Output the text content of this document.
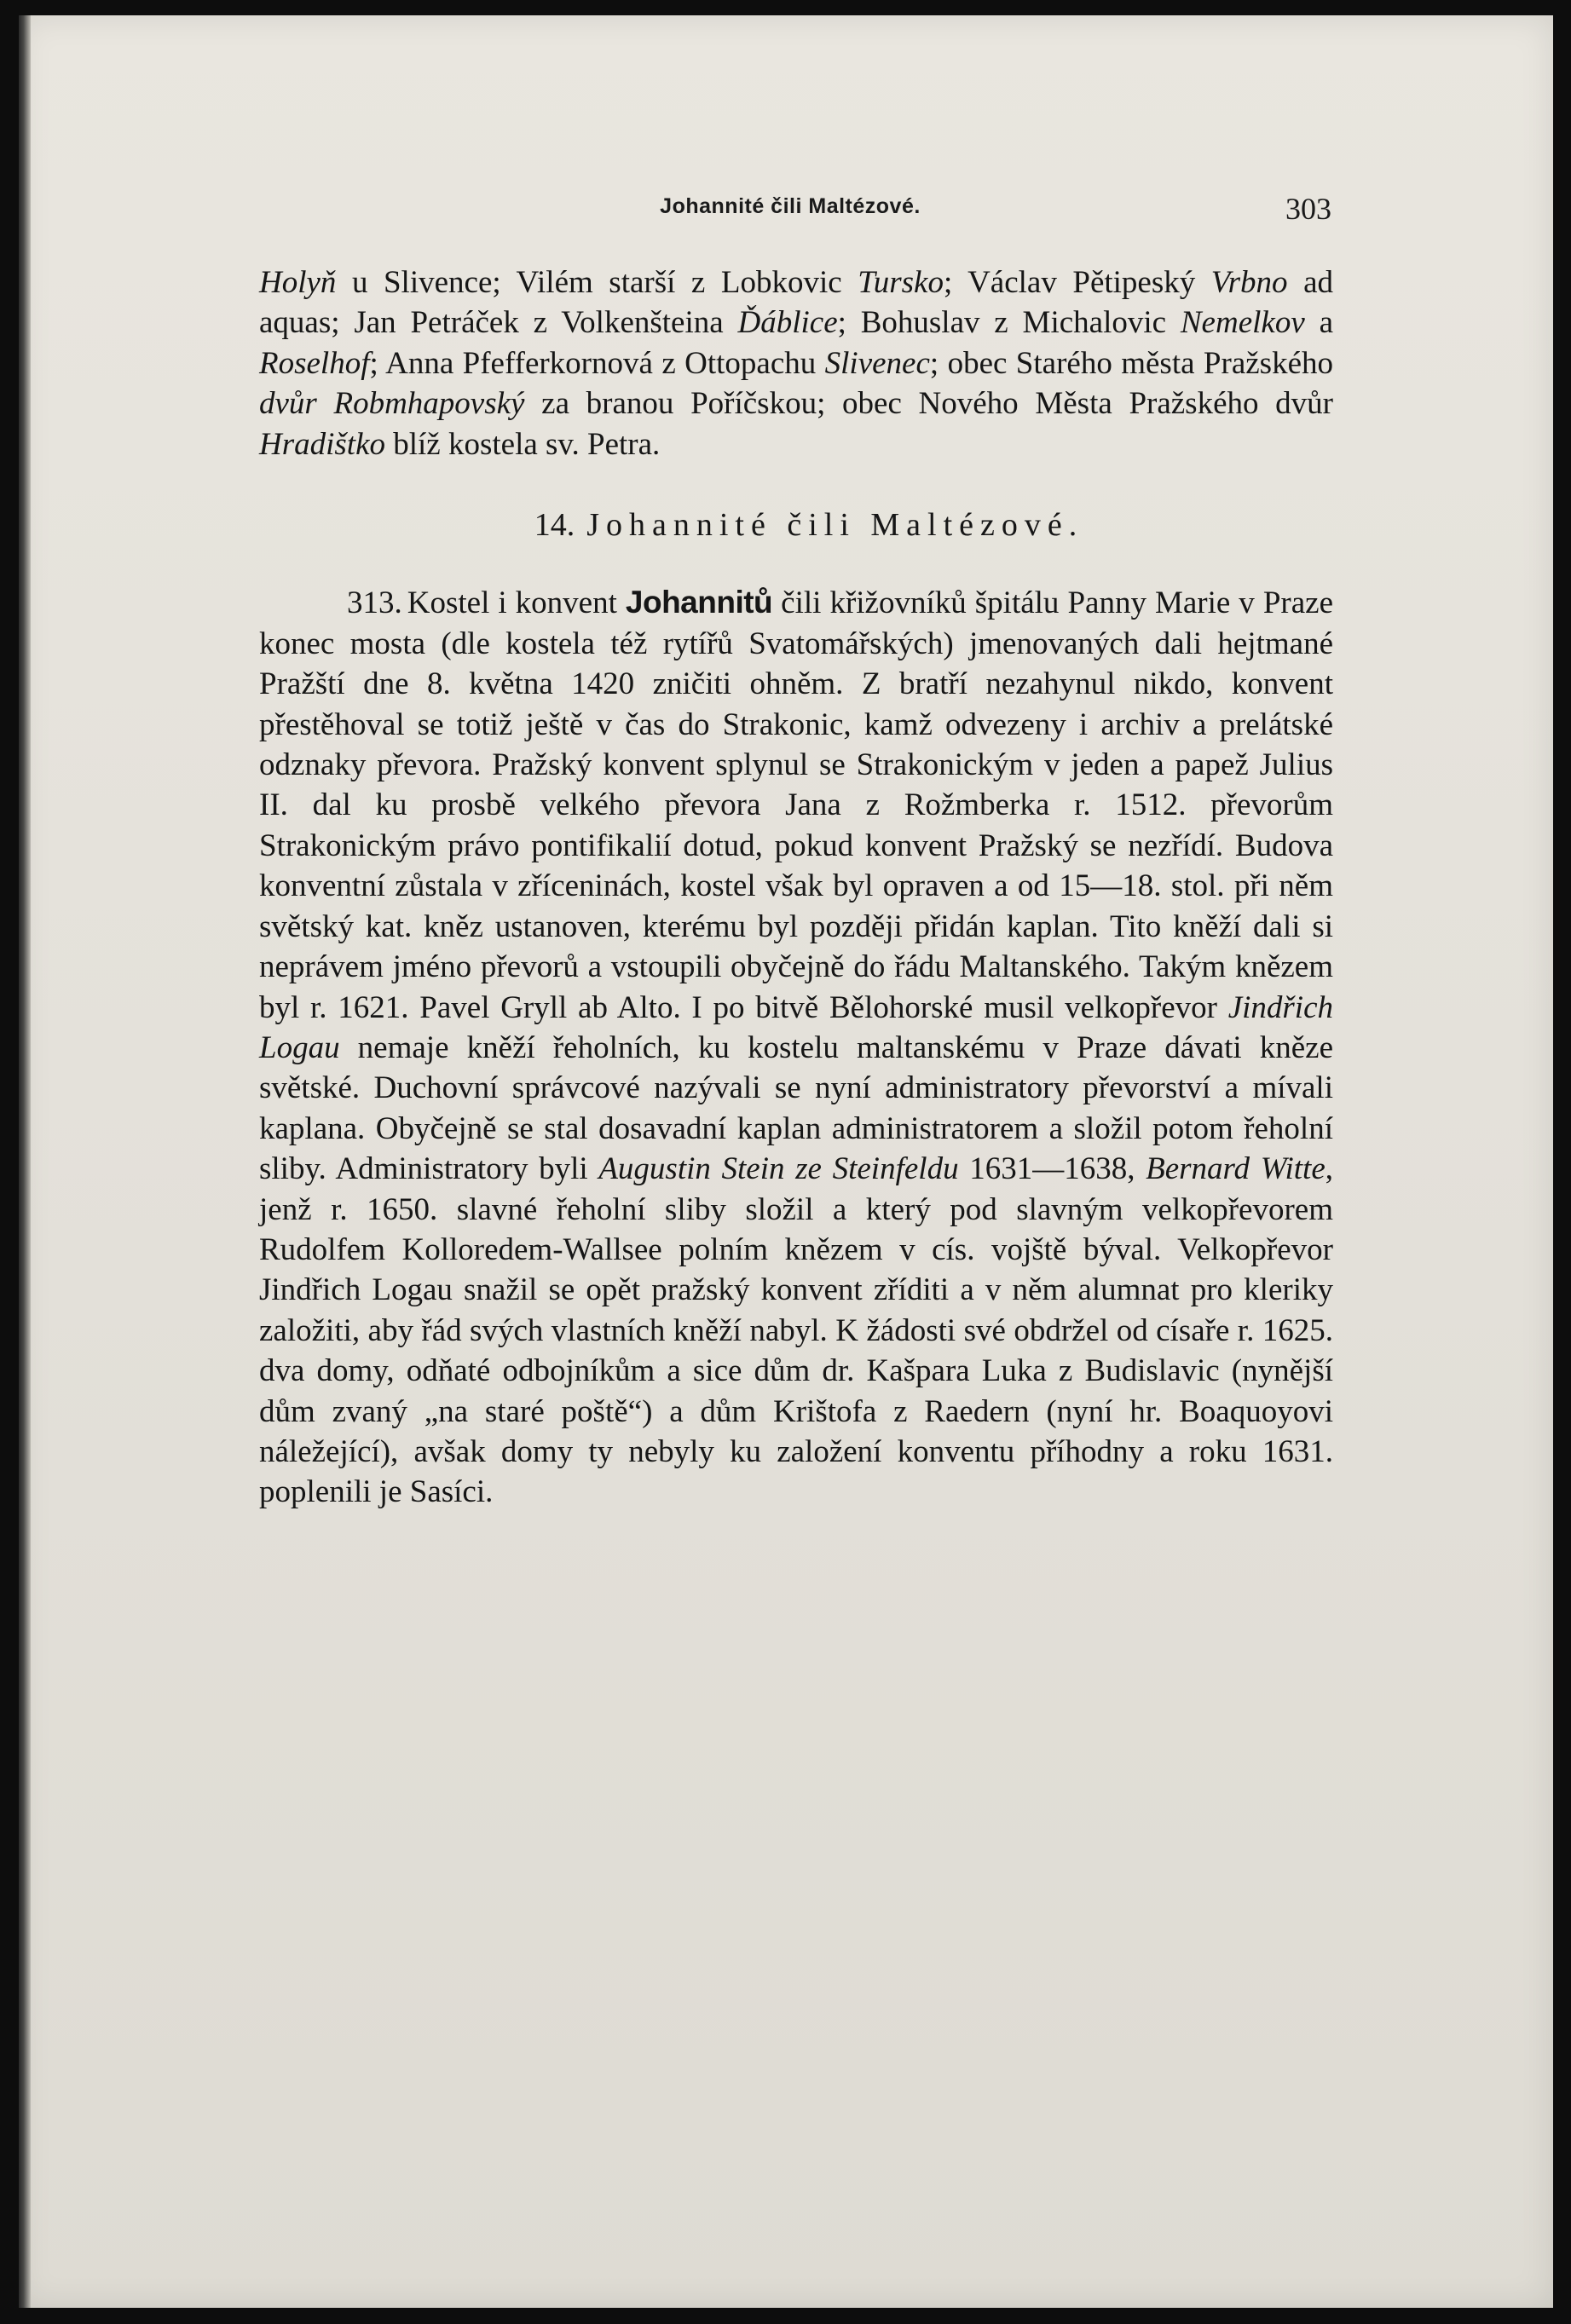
Johannité čili Maltézové.	303

Holyň u Slivence; Vilém starší z Lobkovic Tursko; Václav Pětipeský Vrbno ad aquas; Jan Petráček z Volkenšteina Ďáblice; Bohuslav z Michalovic Nemelkov a Roselhof; Anna Pfefferkornová z Ottopachu Slivenec; obec Starého města Pražského dvůr Robmhapovský za branou Poříčskou; obec Nového Města Pražského dvůr Hradištko blíž kostela sv. Petra.

14. Johannité čili Maltézové.

313. Kostel i konvent Johannitů čili křižovníků špitálu Panny Marie v Praze konec mosta (dle kostela též rytířů Svatomářských) jmenovaných dali hejtmané Pražští dne 8. května 1420 zničiti ohněm. Z bratří nezahynul nikdo, konvent přestěhoval se totiž ještě v čas do Strakonic, kamž odvezeny i archiv a prelátské odznaky převora. Pražský konvent splynul se Strakonickým v jeden a papež Julius II. dal ku prosbě velkého převora Jana z Rožmberka r. 1512. převorům Strakonickým právo pontifikalií dotud, pokud konvent Pražský se nezřídí. Budova konventní zůstala v zříceninách, kostel však byl opraven a od 15—18. stol. při něm světský kat. kněz ustanoven, kterému byl později přidán kaplan. Tito kněží dali si neprávem jméno převorů a vstoupili obyčejně do řádu Maltanského. Takým knězem byl r. 1621. Pavel Gryll ab Alto. I po bitvě Bělohorské musil velkopřevor Jindřich Logau nemaje kněží řeholních, ku kostelu maltanskému v Praze dávati kněze světské. Duchovní správcové nazývali se nyní administratory převorství a mívali kaplana. Obyčejně se stal dosavadní kaplan administratorem a složil potom řeholní sliby. Administratory byli Augustin Stein ze Steinfeldu 1631—1638, Bernard Witte, jenž r. 1650. slavné řeholní sliby složil a který pod slavným velkopřevorem Rudolfem Kolloredem-Wallsee polním knězem v cís. vojště býval. Velkopřevor Jindřich Logau snažil se opět pražský konvent zříditi a v něm alumnat pro kleriky založiti, aby řád svých vlastních kněží nabyl. K žádosti své obdržel od císaře r. 1625. dva domy, odňaté odbojníkům a sice dům dr. Kašpara Luka z Budislavic (nynější dům zvaný „na staré poště“) a dům Krištofa z Raedern (nyní hr. Boaquoyovi náležející), avšak domy ty nebyly ku založení konventu příhodny a roku 1631. poplenili je Sasíci.
